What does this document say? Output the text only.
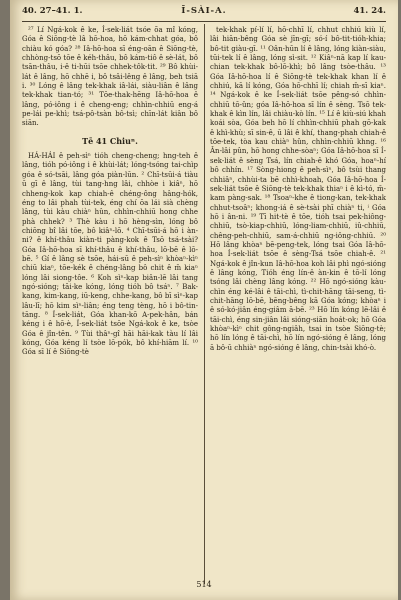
40. 27–41. 1.	Ī-SÀI-A.	41. 24.

²⁷ Lí Ngá-kok ê ke, Í-sek-liát tsóe ŏa mî kóng, Góa ê Siōng-tè lâ hō-hoa, hō kám-chhat góa, bô chiàu kó góa? ²⁸ Iâ-hō-hoa sī éng-oān ê Siōng-tè, chhòng-tsō tōe ê kéh-thâu, bô kám-tiô ê sè-lát, bô tsān-thâu, i-ê ti-hūi tsōe chhek-tôk-tit. ²⁹ Bô khùi-lát ê lâng, hō chhē i, bô tsâi-lêng ê lâng, beh tsiā i. ³⁰ Lóng ê lâng tek-khak iâ-lái, siàu-liân ê lâng tek-khak tian-tó; ³¹ Tōe-thak-hēng Iâ-hō-hoa ê lâng, pó-iông i ê cheng-eng; chhìn-chhiū eng-á pe-lái pe-khì; tsá-pô-tsàn bô-tsì; chīn-lát kiân bô siān.

Tē 41 Chiuⁿ.

HÁ-HÁI ê peh-sìⁿ tióh cheng-cheng; hng-teh ê lâng, tióh pó-iông i ê khùi-lát; lóng-tsóng tai-chìp góa ê só-tsāi, lâng góa piàn-lūn. ² Chī-tsūi-á tiàu ū gī ê lâng, tùi tang-hng lâi, chhòe i kiâⁿ, hō chheng-kok kap chiah-ê chéng-ông hâng-hók, éng to lâi phah tùi-tek, éng chí ōa lái sià chèng lâng, tùi kàu chiàⁿ hûn, chhìn-chhiū hong chhe phà chhek? ³ Thè kàu i hō hèng-sìn, lóng bô chiōng bî lâi tōe, bô kiâⁿ-lō. ⁴ Chī-tsūi-á hō i àn-ni? ê khí-thâu kiàn-ti pàng-kok ê Tsō tsá-tsài? Góa Iâ-hō-hoa sī khí-thâu ê khí-thâu, lō-bē ê lō-bē. ⁵ Gí ê lâng sè tsōe, hái-sū ê peh-sìⁿ khòaⁿ-kìⁿ chiū kiaⁿ, tōe-kék ê chéng-lâng bô chit ê m̄ kiaⁿ lóng lâi siong-tôe. ⁶ Koh sìⁿ-kap biân-lē lâi tang ngó-sióng; tāi-ke kóng, lóng tióh bô tsáⁿ. ⁷ Bak-kang, kim-kang, iū-keng, chhe-kang, bô bī sìⁿ-kap lâu-lī; hō kim sìⁿ-liân; éng teng tèng, hō i bô-tin-tāng. ⁸ Í-sek-liát, Góa khan-kō A-pek-hân, bán kéng i ê hō-è, Í-sek-liát tsōe Ngá-kok ê ke, tsòe Góa ê jîn-tēn. ⁹ Tùi thâⁿ-gî hāi hāi-kak tàu lí lâi kóng, Góa kéng lí tsòe lō-pók, bô khí-hiām lí. ¹⁰ Góa sī lí ê Siōng-tè

tek-khak pí-lí lí, hō-chhī lí, chhut chhiú kiù lí, lâi hiān-bêng Góa sè jīn-gī; só-í bô-tit-tióh-khia; bô-tit giàu-gī. ¹¹ Oân-hūn lí ê lâng, lóng kiàn-siàu, tūi-tek lí ê lâng, lóng sì-sit. ¹² Kiâⁿ-nā kap lí kau-chian tek-khak bô-lō-khì; bô lâng tsòe-thâu. ¹³ Góa Iâ-hō-hoa lí ê Siōng-tè tek-khak khan lí ê chhiú, kā lí kóng, Góa hō-chhī lí; chiah m̄-sī kiaⁿ. ¹⁴ Ngá-kok ê ke Í-sek-liát tsōe pêng-só chhìn-chhiū tō-ûn; góa Iâ-hō-hoa sī lín ê sèng. Tsō tek-khak ê kìn lín, lâi chiàu-kò lín. ¹⁵ Lí ê kiù-siú khah koái sòa, Góa beh hō lí chhìn-chhiū phah gō-kak ê khì-khù; sī sin-ê, ū lâi ê khí, thang-phah chiah-ê tōe-tek, tòa kau chiàⁿ hûn, chhìn-chhiū khng. ¹⁶ Ân-lâi pûn, hō hong chhe-sòaⁿ; Góa Iâ-hō-hoa sī Í-sek-liát ê sèng Tsá, lín chiah-ê khó Góa, hoaⁿ-hí bô chhín. ¹⁷ Sòng-hiong ê peh-sìⁿ, bô tsùi thang chhiâⁿ, chhùi-ta bē chhì-khoah, Góa Iâ-hō-hoa Í-sek-liát tsōe ê Siōng-tè tek-khak thiaⁿ i ê kì-tó, m̄-kam pàng-sak. ¹⁸ Tsoaⁿ-khe ê tiong-kan, tek-khak chhut-tsoâⁿ; khong-iá ê sè-tsài phī chiàⁿ ti, ⁱ Góa hō i ân-ni. ¹⁹ Tī hit-tè ê tōe, tióh tsai pek-hiông-chhiū, tsò-kiap-chhiū, lóng-liam-chhiū, iû-chhiū, chêng-peh-chhiū, sam-á-chhiū ng-iông-chhiū. ²⁰ Hō lâng khòaⁿ bē-peng-tek, lóng tsai Góa Iâ-hō-hoa Í-sek-liát tsōe ê sèng-Tsá tsōe chiah-ê. ²¹ Ngá-kok ê jîn-kun Iâ-hō-hoa koh lâi phì ngó-sióng ê lâng kóng, Tióh éng lín-ê àn-kin ê tō-lí lóng tsóng lâi chèng lâng kóng. ²² Hō ngó-sióng kàu-chìn éng ké-lâi ê tāi-chì, tì-chit-hāng tāi-seng, tì-chit-hāng lō-bē, bēng-bêng kā Góa kóng; khòaⁿ i ê só-kó-jiân éng-giâm ā-bē. ²³ Hō lín kóng lē-lâi ê tāi-chì, éng sin-jiân lâi sióng-siān hoát-ok; hō Góa khòaⁿ-kìⁿ chit gông-ngiâh, tsai in tsòe Siōng-tè; hō lín lóng ê tāi-chì, hō lín ngó-sióng ê lâng, lóng ā bô-ū chhiàⁿ ngó-sióng ê lâng, chin-tsài khó-ò.

514
